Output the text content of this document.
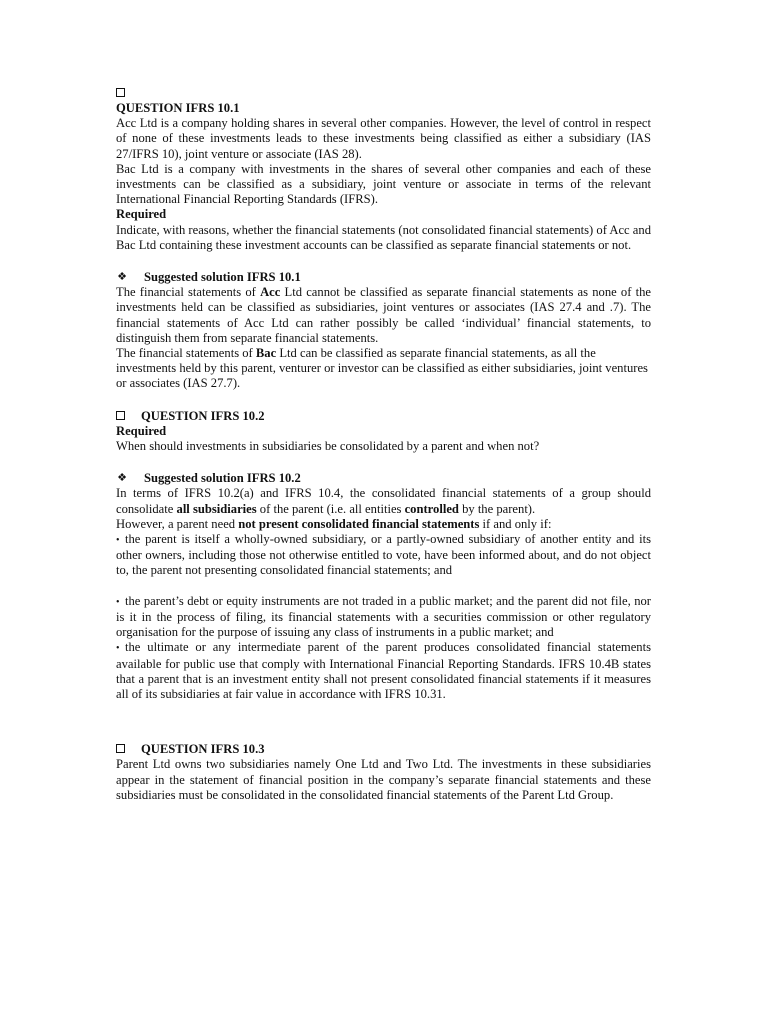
QUESTION IFRS 10.1

Acc Ltd is a company holding shares in several other companies. However, the level of control in respect of none of these investments leads to these investments being classified as either a subsidiary (IAS 27/IFRS 10), joint venture or associate (IAS 28).

Bac Ltd is a company with investments in the shares of several other companies and each of these investments can be classified as a subsidiary, joint venture or associate in terms of the relevant International Financial Reporting Standards (IFRS).

Required

Indicate, with reasons, whether the financial statements (not consolidated financial statements) of Acc and Bac Ltd containing these investment accounts can be classified as separate financial statements or not.

❖ Suggested solution IFRS 10.1

The financial statements of Acc Ltd cannot be classified as separate financial statements as none of the investments held can be classified as subsidiaries, joint ventures or associates (IAS 27.4 and .7). The financial statements of Acc Ltd can rather possibly be called ‘individual’ financial statements, to distinguish them from separate financial statements.

The financial statements of Bac Ltd can be classified as separate financial statements, as all the investments held by this parent, venturer or investor can be classified as either subsidiaries, joint ventures or associates (IAS 27.7).

QUESTION IFRS 10.2

Required

When should investments in subsidiaries be consolidated by a parent and when not?

❖ Suggested solution IFRS 10.2

In terms of IFRS 10.2(a) and IFRS 10.4, the consolidated financial statements of a group should consolidate all subsidiaries of the parent (i.e. all entities controlled by the parent).

However, a parent need not present consolidated financial statements if and only if:

• the parent is itself a wholly-owned subsidiary, or a partly-owned subsidiary of another entity and its other owners, including those not otherwise entitled to vote, have been informed about, and do not object to, the parent not presenting consolidated financial statements; and

• the parent’s debt or equity instruments are not traded in a public market; and the parent did not file, nor is it in the process of filing, its financial statements with a securities commission or other regulatory organisation for the purpose of issuing any class of instruments in a public market; and

• the ultimate or any intermediate parent of the parent produces consolidated financial statements available for public use that comply with International Financial Reporting Standards. IFRS 10.4B states that a parent that is an investment entity shall not present consolidated financial statements if it measures all of its subsidiaries at fair value in accordance with IFRS 10.31.

QUESTION IFRS 10.3

Parent Ltd owns two subsidiaries namely One Ltd and Two Ltd. The investments in these subsidiaries appear in the statement of financial position in the company’s separate financial statements and these subsidiaries must be consolidated in the consolidated financial statements of the Parent Ltd Group.
